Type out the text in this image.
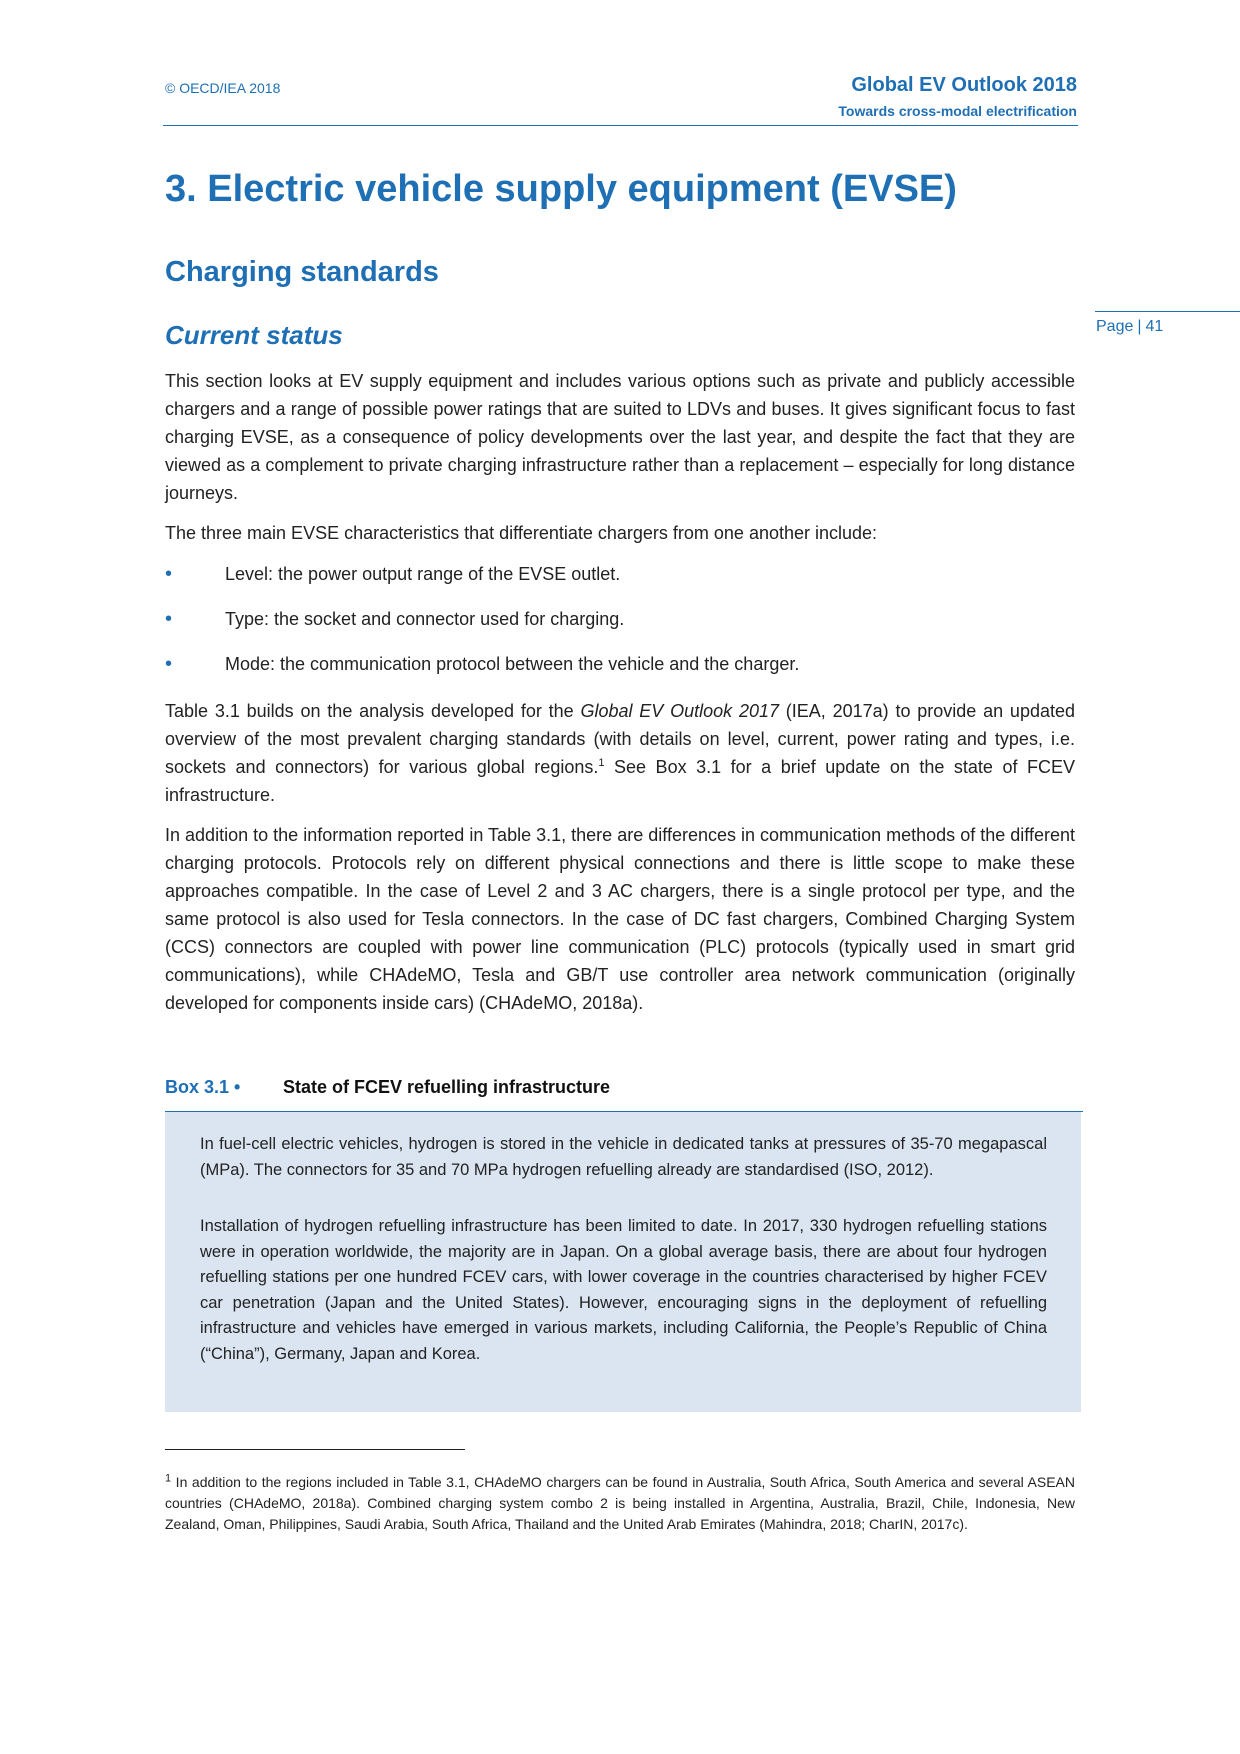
© OECD/IEA 2018	Global EV Outlook 2018
Towards cross-modal electrification
3. Electric vehicle supply equipment (EVSE)
Charging standards
Current status	Page | 41

This section looks at EV supply equipment and includes various options such as private and publicly accessible chargers and a range of possible power ratings that are suited to LDVs and buses. It gives significant focus to fast charging EVSE, as a consequence of policy developments over the last year, and despite the fact that they are viewed as a complement to private charging infrastructure rather than a replacement – especially for long distance journeys.

The three main EVSE characteristics that differentiate chargers from one another include:

• Level: the power output range of the EVSE outlet.
• Type: the socket and connector used for charging.
• Mode: the communication protocol between the vehicle and the charger.

Table 3.1 builds on the analysis developed for the Global EV Outlook 2017 (IEA, 2017a) to provide an updated overview of the most prevalent charging standards (with details on level, current, power rating and types, i.e. sockets and connectors) for various global regions.$^1$ See Box 3.1 for a brief update on the state of FCEV infrastructure.

In addition to the information reported in Table 3.1, there are differences in communication methods of the different charging protocols. Protocols rely on different physical connections and there is little scope to make these approaches compatible. In the case of Level 2 and 3 AC chargers, there is a single protocol per type, and the same protocol is also used for Tesla connectors. In the case of DC fast chargers, Combined Charging System (CCS) connectors are coupled with power line communication (PLC) protocols (typically used in smart grid communications), while CHAdeMO, Tesla and GB/T use controller area network communication (originally developed for components inside cars) (CHAdeMO, 2018a).

Box 3.1 • State of FCEV refuelling infrastructure

In fuel-cell electric vehicles, hydrogen is stored in the vehicle in dedicated tanks at pressures of 35-70 megapascal (MPa). The connectors for 35 and 70 MPa hydrogen refuelling already are standardised (ISO, 2012).

Installation of hydrogen refuelling infrastructure has been limited to date. In 2017, 330 hydrogen refuelling stations were in operation worldwide, the majority are in Japan. On a global average basis, there are about four hydrogen refuelling stations per one hundred FCEV cars, with lower coverage in the countries characterised by higher FCEV car penetration (Japan and the United States). However, encouraging signs in the deployment of refuelling infrastructure and vehicles have emerged in various markets, including California, the People’s Republic of China (“China”), Germany, Japan and Korea.

$^1$ In addition to the regions included in Table 3.1, CHAdeMO chargers can be found in Australia, South Africa, South America and several ASEAN countries (CHAdeMO, 2018a). Combined charging system combo 2 is being installed in Argentina, Australia, Brazil, Chile, Indonesia, New Zealand, Oman, Philippines, Saudi Arabia, South Africa, Thailand and the United Arab Emirates (Mahindra, 2018; CharIN, 2017c).
